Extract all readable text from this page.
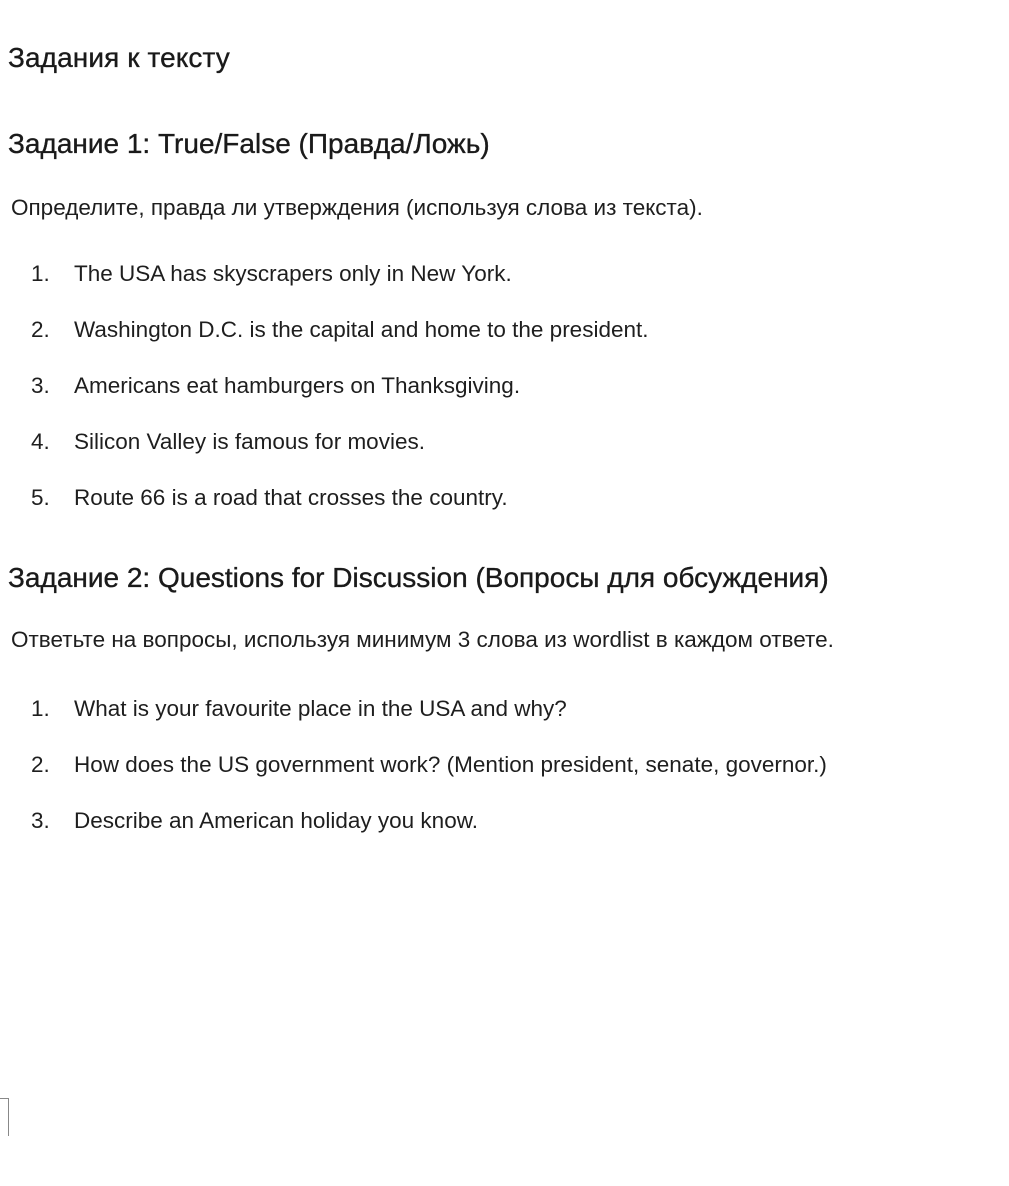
Задания к тексту
Задание 1: True/False (Правда/Ложь)

Определите, правда ли утверждения (используя слова из текста).

1. The USA has skyscrapers only in New York.
2. Washington D.C. is the capital and home to the president.
3. Americans eat hamburgers on Thanksgiving.
4. Silicon Valley is famous for movies.
5. Route 66 is a road that crosses the country.
Задание 2: Questions for Discussion (Вопросы для обсуждения)

Ответьте на вопросы, используя минимум 3 слова из wordlist в каждом ответе.

1. What is your favourite place in the USA and why?
2. How does the US government work? (Mention president, senate, governor.)
3. Describe an American holiday you know.
